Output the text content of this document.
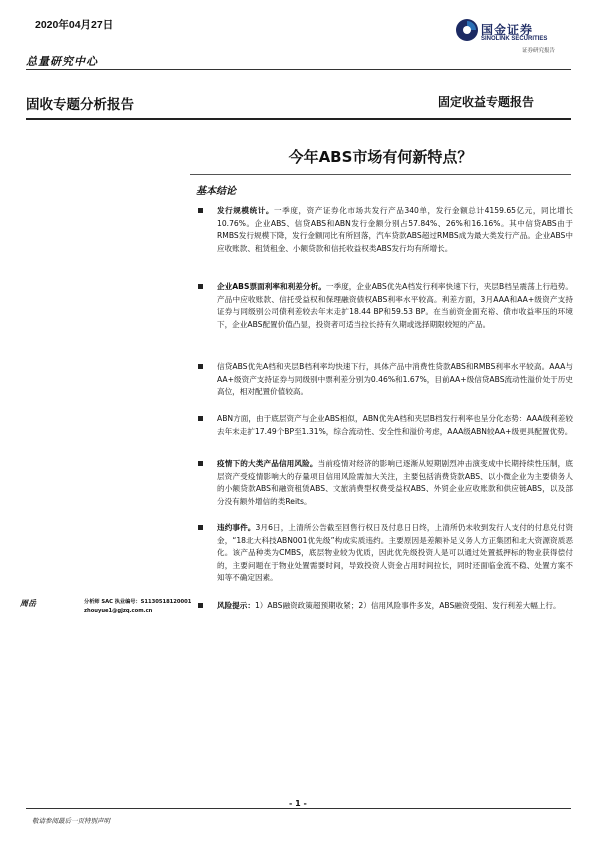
2020年04月27日
总量研究中心
国金证券
SINOLINK SECURITIES
证券研究报告
固收专题分析报告	固定收益专题报告
今年ABS市场有何新特点？
基本结论
发行规模统计。一季度，资产证券化市场共发行产品340单，发行金额总计4159.65亿元，同比增长10.76%。企业ABS、信贷ABS和ABN发行金额分别占57.84%、26%和16.16%。其中信贷ABS由于RMBS发行规模下降，发行金额同比有所回落，汽车贷款ABS超过RMBS成为最大类发行产品。企业ABS中应收账款、租赁租金、小额贷款和信托收益权类ABS发行均有所增长。
企业ABS票面利率和利差分析。一季度，企业ABS优先A档发行利率快速下行，夹层B档呈震荡上行趋势。产品中应收账款、信托受益权和保理融资债权ABS利率水平较高。利差方面，3月AAA和AA+级资产支持证券与同级别公司债利差较去年末走扩18.44 BP和59.53 BP。在当前资金面充裕、债市收益率压的环境下，企业ABS配置价值凸显，投资者可适当拉长持有久期或选择期限较短的产品。
信贷ABS优先A档和夹层B档利率均快速下行，具体产品中消费性贷款ABS和RMBS利率水平较高。AAA与AA+级资产支持证券与同级别中票利差分别为0.46%和1.67%，目前AA+级信贷ABS流动性溢价处于历史高位，相对配置价值较高。
ABN方面，由于底层资产与企业ABS相似，ABN优先A档和夹层B档发行利率也呈分化态势：AAA级利差较去年末走扩17.49个BP至1.31%，综合流动性、安全性和溢价考虑，AAA级ABN较AA+级更具配置优势。
疫情下的大类产品信用风险。当前疫情对经济的影响已逐渐从短期剧烈冲击演变成中长期持续性压制，底层资产受疫情影响大的存量项目信用风险需加大关注，主要包括消费贷款ABS、以小微企业为主要债务人的小额贷款ABS和融资租赁ABS、文旅消费型权费受益权ABS、外贸企业应收账款和供应链ABS，以及部分没有额外增信的类Reits。
违约事件。3月6日，上清所公告截至回售行权日及付息日日终，上清所仍未收到发行人支付的付息兑付资金，“18北大科技ABN001优先级”构成实质违约。主要原因是差额补足义务人方正集团和北大资源资质恶化。该产品种类为CMBS，底层物业较为优质，因此优先级投资人是可以通过处置抵押标的物业获得偿付的，主要问题在于物业处置需要时间，导致投资人资金占用时间拉长，同时还面临金流不稳、处置方案不知等不确定因素。
风险提示：1）ABS融资政策超预期收紧；2）信用风险事件多发，ABS融资受阻、发行利差大幅上行。
周岳	分析师 SAC 执业编号：S1130518120001
zhouyue1@gjzq.com.cn
- 1 -
敬请参阅最后一页特别声明
